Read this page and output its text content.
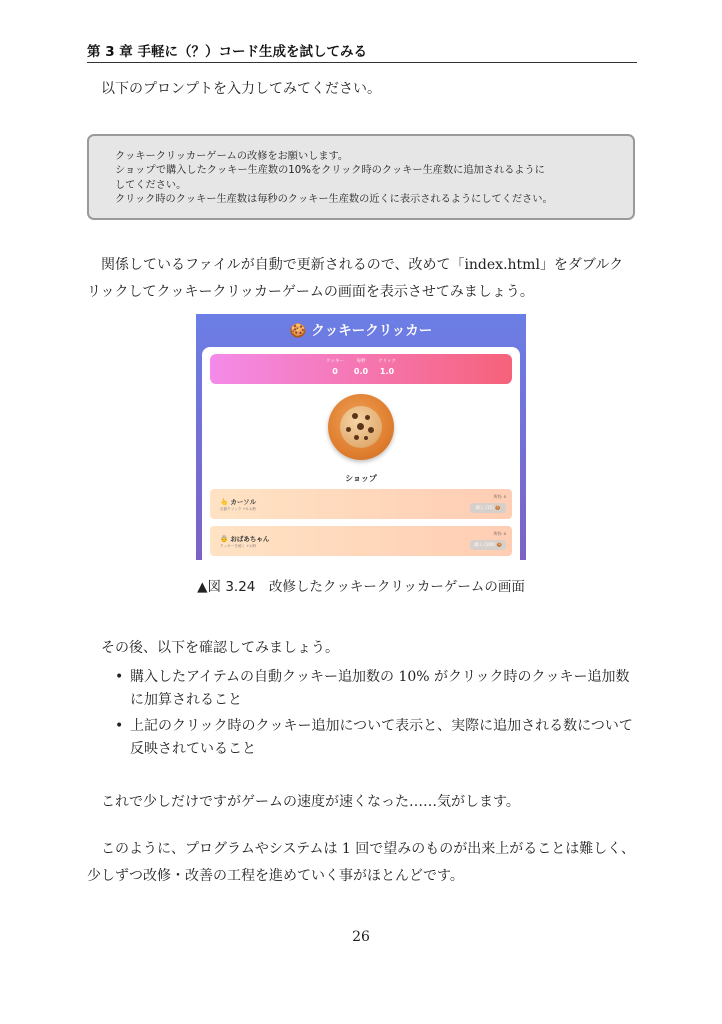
第 3 章 手軽に（？）コード生成を試してみる
以下のプロンプトを入力してみてください。
クッキークリッカーゲームの改修をお願いします。
ショップで購入したクッキー生産数の10%をクリック時のクッキー生産数に追加されるように
してください。
クリック時のクッキー生産数は毎秒のクッキー生産数の近くに表示されるようにしてください。
関係しているファイルが自動で更新されるので、改めて「index.html」をダブルクリックしてクッキークリッカーゲームの画面を表示させてみましょう。
🍪 クッキークリッカー
クッキー
0
毎秒
0.0
クリック
1.0
ショップ
👆 カーソル
自動クリック +0.1/秒
所有: 0
購入 (15) 🍪
👵 おばあちゃん
クッキーを焼く +1/秒
所有: 0
購入 (100) 🍪
▲図 3.24　改修したクッキークリッカーゲームの画面
その後、以下を確認してみましょう。
• 購入したアイテムの自動クッキー追加数の 10% がクリック時のクッキー追加数に加算されること
• 上記のクリック時のクッキー追加について表示と、実際に追加される数について反映されていること
これで少しだけですがゲームの速度が速くなった……気がします。
このように、プログラムやシステムは 1 回で望みのものが出来上がることは難しく、少しずつ改修・改善の工程を進めていく事がほとんどです。
26
